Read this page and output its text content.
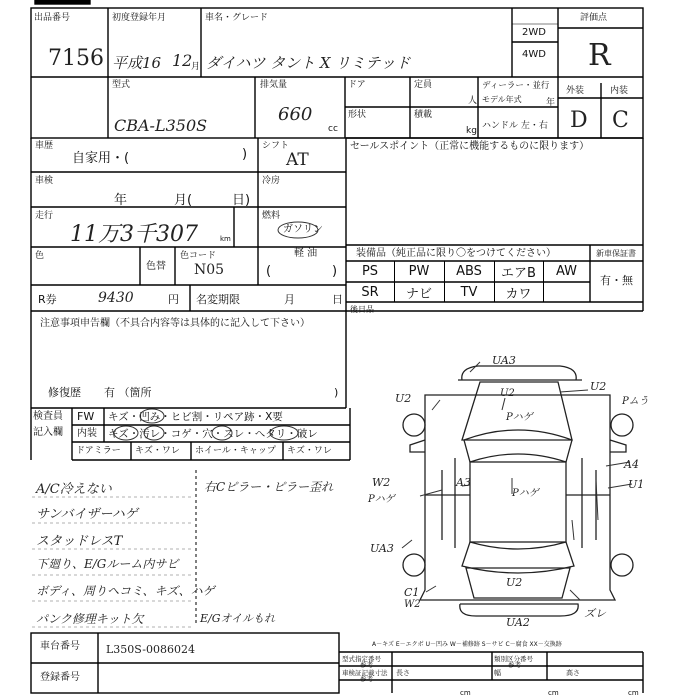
出品番号
7156
初度登録年月
平成16 12
月
車名・グレード
ダイハツ タント X リミテッド
2WD
4WD
評価点
R
型式
CBA-L350S
排気量
660
cc
ドア
形状
定員
人
積載
kg
ディーラー・並行
モデル年式	年
ハンドル 左・右
外装	内装
D C
車歴
自家用・(	)
シフト
AT
セールスポイント（正常に機能するものに限ります）
車検
年	月(	日)
冷房
走行
11万3千307	km
燃料
ガソリン
軽 油
(	)
色
色替
色コード
N05
装備品（純正品に限り〇をつけてください）	新車保証書
有・無
PS	PW	ABS	エアB	AW
SR	ナビ	TV	カワ
後日品
R券	9430	円 名変期限	月	日
注意事項申告欄（不具合内容等は具体的に記入して下さい）
修復歴 有 （箇所	)
検査員
記入欄
FW キズ・凹み・ヒビ割・リペア跡・X要
内装 キズ・汚レ・コゲ・穴・スレ・へタリ・破レ
ドアミラー キズ・ワレ ホイール・キャップ キズ・ワレ
A/C冷えない
サンバイザーハゲ
スタッドレスT
下廻り、E/Gルーム内サビ
ボディ、周りヘコミ、キズ、ハゲ
パンク修理キット欠
右Cピラー・ピラー歪れ
E/Gオイルもれ
UA3
U2	U2
U2
Pムう
Pハゲ
A4
U1
W2
Pハゲ
A3
Pハゲ
UA3
C1
W2
U2
UA2
ズレ
A－キズ E－エクボ U－凹み W－補修跡 S－サビ C－腐食 XX－交換跡
車台番号 L350S-0086024
登録番号
型式指定番号
参考
類別区分番号
参考
車検証記載寸法
参考
長さ
cm
幅
cm
高さ
cm
